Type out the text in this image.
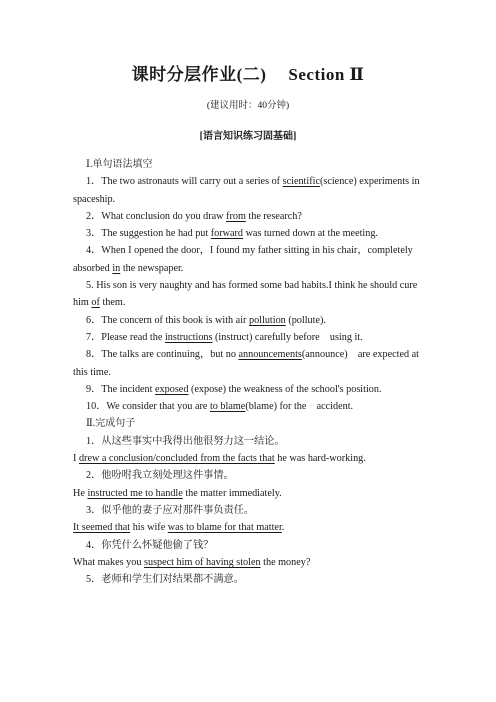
课时分层作业(二) Section Ⅱ
(建议用时：40分钟)
[语言知识练习固基础]
Ⅰ.单句语法填空
1．The two astronauts will carry out a series of scientific(science) experiments in
spaceship.
2．What conclusion do you draw from the research?
3．The suggestion he had put forward was turned down at the meeting.
4．When I opened the door，I found my father sitting in his chair，completely
absorbed in the newspaper.
5. His son is very naughty and has formed some bad habits.I think he should cure
him of them.
6．The concern of this book is with air pollution (pollute).
7．Please read the instructions (instruct) carefully before    using it.
8．The talks are continuing，but no announcements(announce)    are expected at
this time.
9．The incident exposed (expose) the weakness of the school's position.
10．We consider that you are to blame(blame) for the    accident.
Ⅱ.完成句子
1．从这些事实中我得出他很努力这一结论。
I drew a conclusion/concluded from the facts that he was hard-working.
2．他吩咐我立刻处理这件事情。
He instructed me to handle the matter immediately.
3．似乎他的妻子应对那件事负责任。
It seemed that his wife was to blame for that matter.
4．你凭什么怀疑他偷了钱？
What makes you suspect him of having stolen the money?
5．老师和学生们对结果都不满意。
